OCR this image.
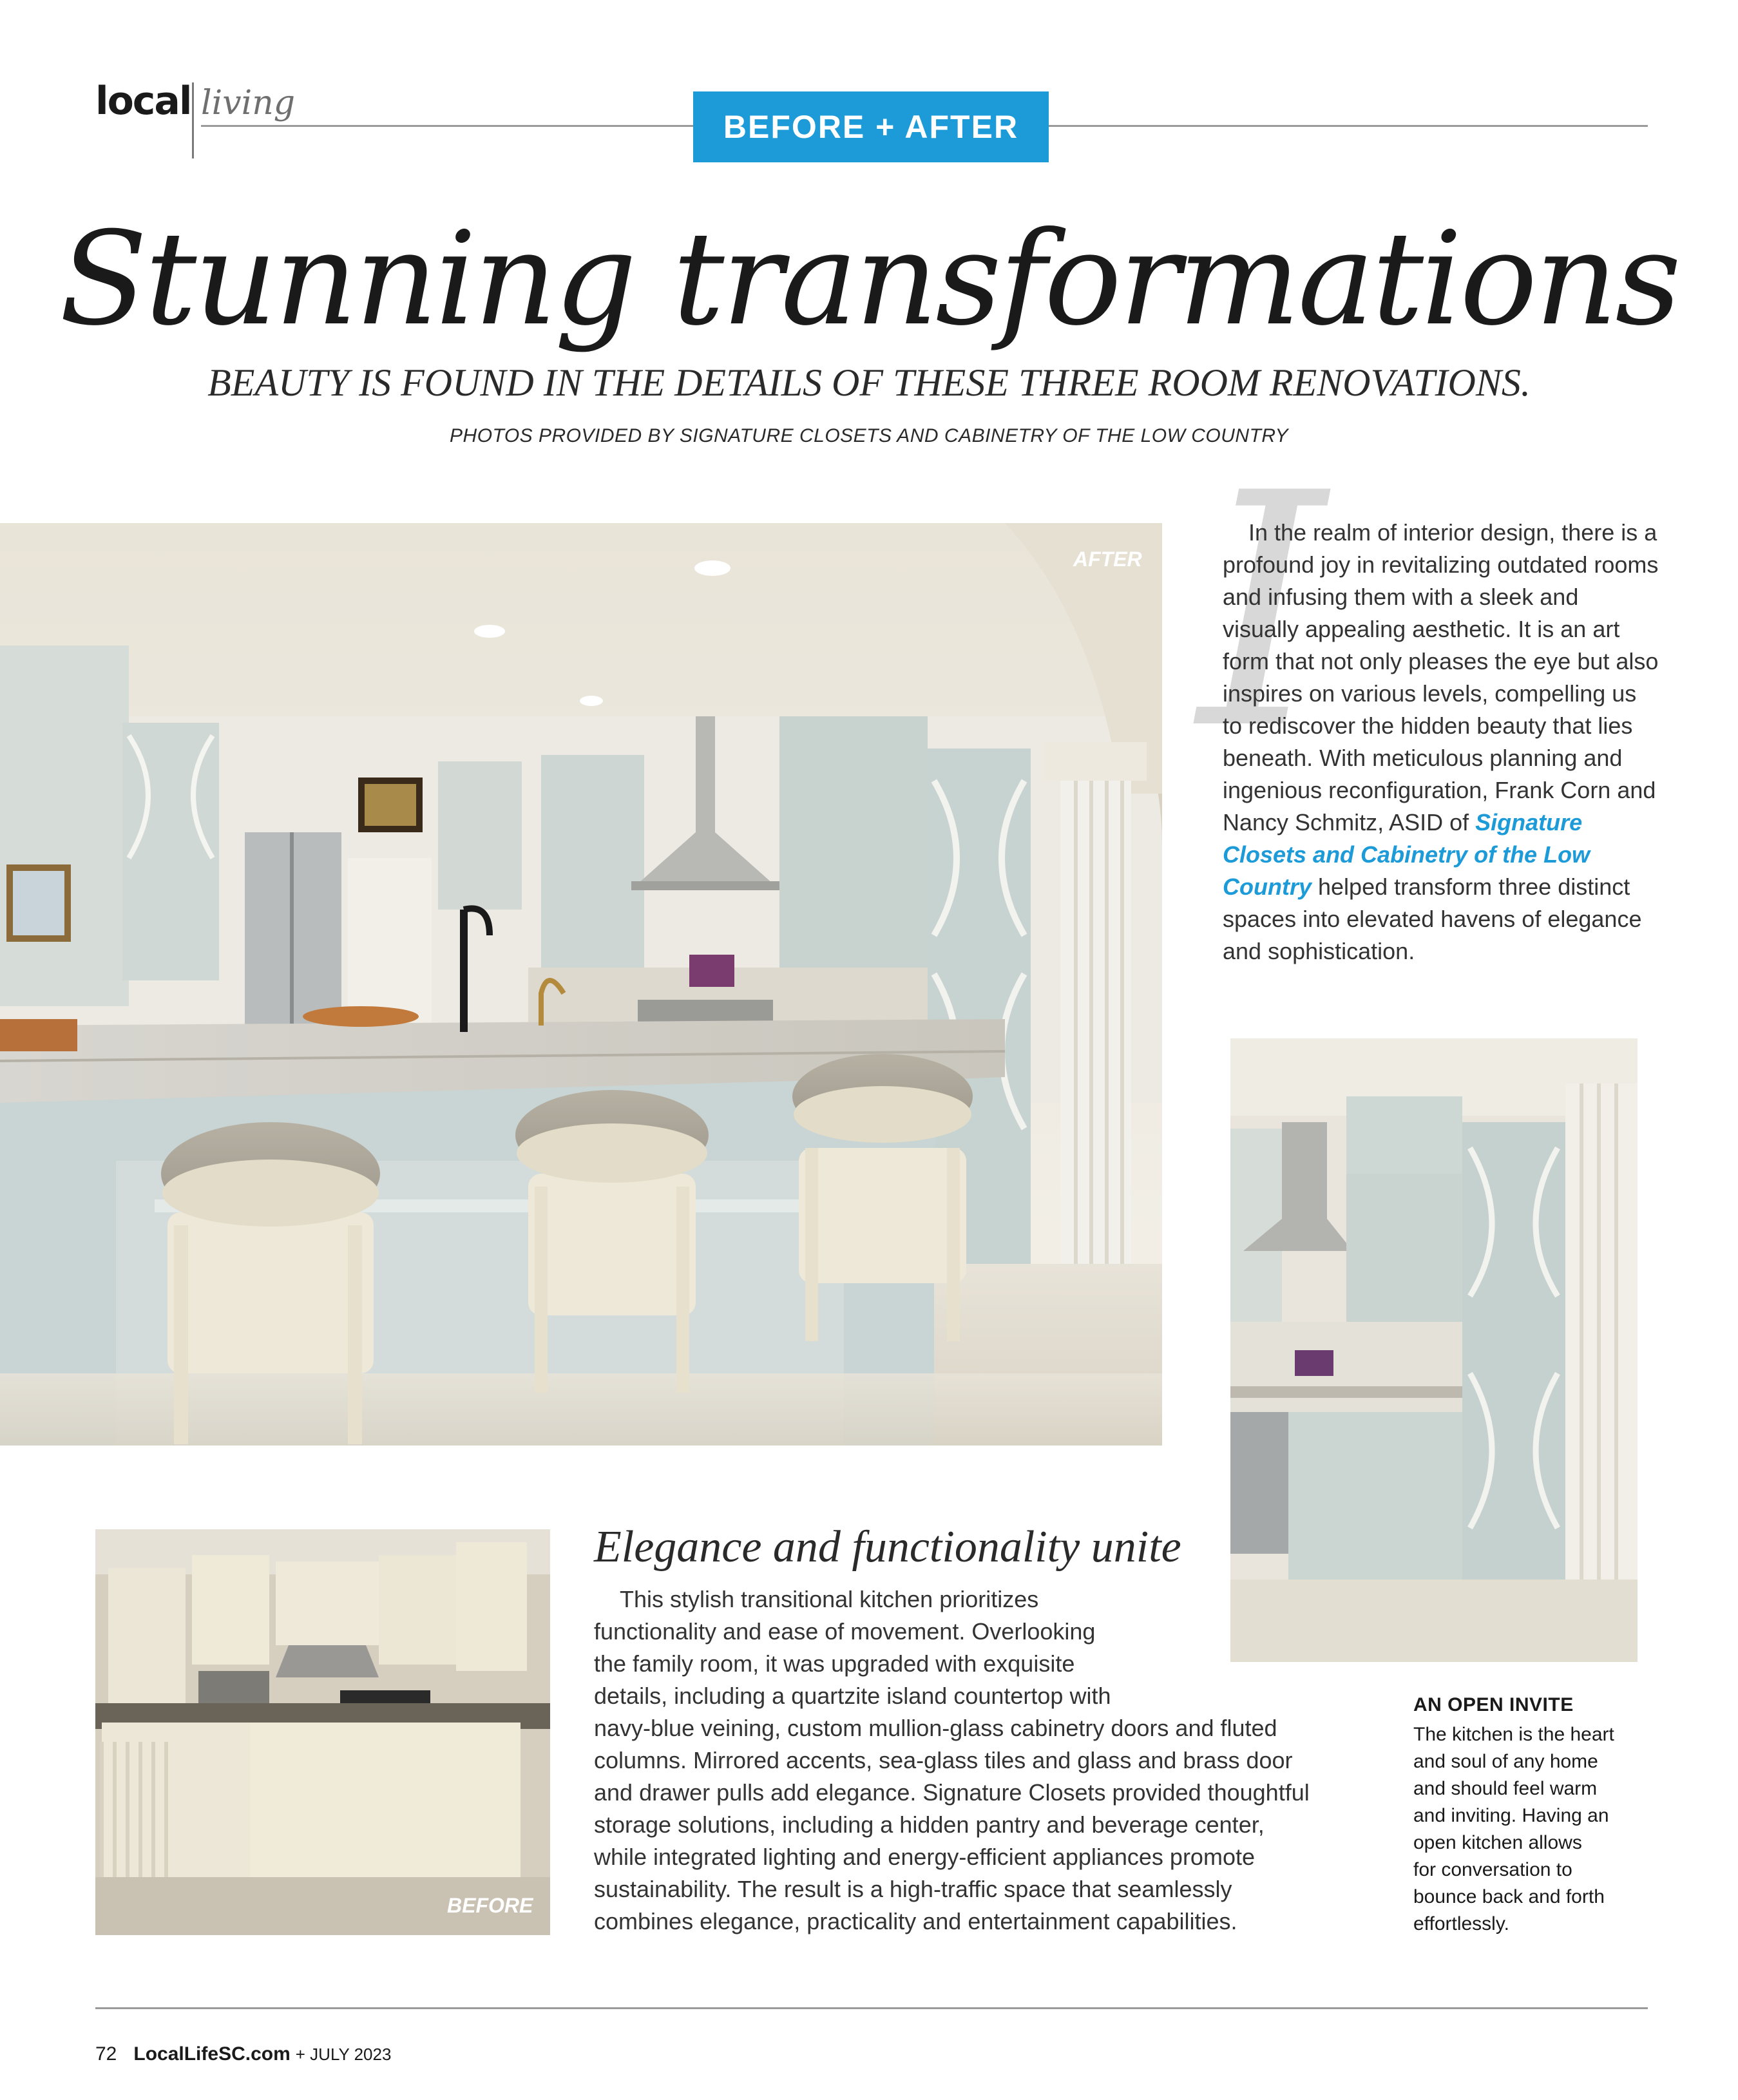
local living
BEFORE + AFTER
Stunning transformations
BEAUTY IS FOUND IN THE DETAILS OF THESE THREE ROOM RENOVATIONS.
PHOTOS PROVIDED BY SIGNATURE CLOSETS AND CABINETRY OF THE LOW COUNTRY
AFTER I
In the realm of interior design, there is a profound joy in revitalizing outdated rooms and infusing them with a sleek and visually appealing aesthetic. It is an art form that not only pleases the eye but also inspires on various levels, compelling us to rediscover the hidden beauty that lies beneath. With meticulous planning and ingenious reconfiguration, Frank Corn and Nancy Schmitz, ASID of Signature Closets and Cabinetry of the Low Country helped transform three distinct spaces into elevated havens of elegance and sophistication.
BEFORE
Elegance and functionality unite
This stylish transitional kitchen prioritizes
functionality and ease of movement. Overlooking
the family room, it was upgraded with exquisite
details, including a quartzite island countertop with
navy-blue veining, custom mullion-glass cabinetry doors and fluted
columns. Mirrored accents, sea-glass tiles and glass and brass door
and drawer pulls add elegance. Signature Closets provided thoughtful
storage solutions, including a hidden pantry and beverage center,
while integrated lighting and energy-efficient appliances promote
sustainability. The result is a high-traffic space that seamlessly
combines elegance, practicality and entertainment capabilities.
AN OPEN INVITE
The kitchen is the heart
and soul of any home
and should feel warm
and inviting. Having an
open kitchen allows
for conversation to
bounce back and forth
effortlessly.
72 LocalLifeSC.com + JULY 2023
